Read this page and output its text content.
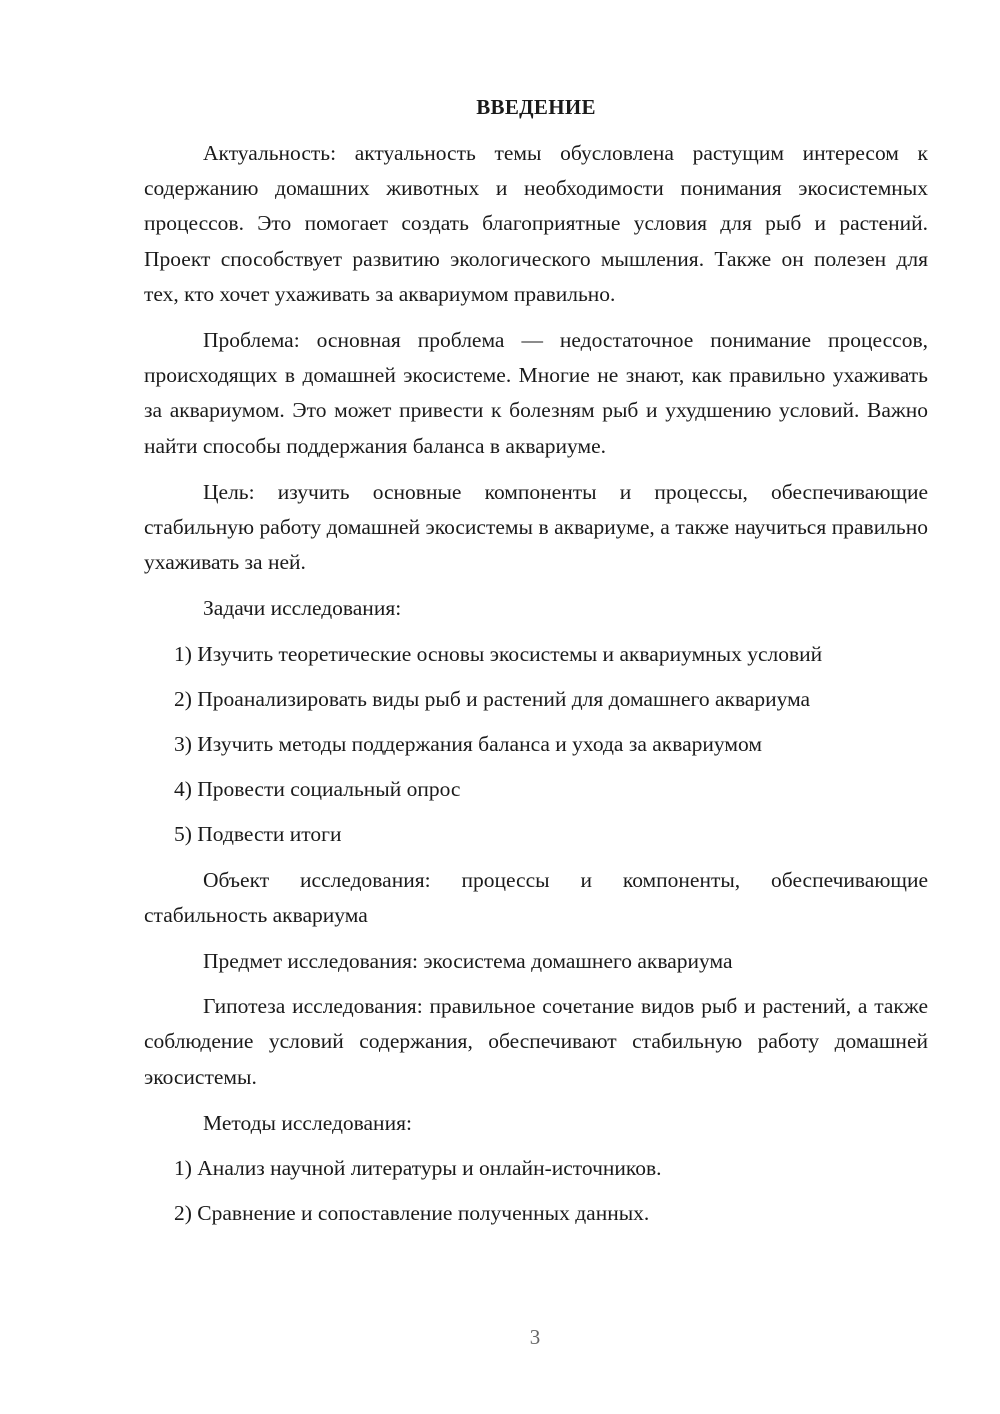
ВВЕДЕНИЕ

Актуальность: актуальность темы обусловлена растущим интересом к содержанию домашних животных и необходимости понимания экосистемных процессов. Это помогает создать благоприятные условия для рыб и растений. Проект способствует развитию экологического мышления. Также он полезен для тех, кто хочет ухаживать за аквариумом правильно.

Проблема: основная проблема — недостаточное понимание процессов, происходящих в домашней экосистеме. Многие не знают, как правильно ухаживать за аквариумом. Это может привести к болезням рыб и ухудшению условий. Важно найти способы поддержания баланса в аквариуме.

Цель: изучить основные компоненты и процессы, обеспечивающие стабильную работу домашней экосистемы в аквариуме, а также научиться правильно ухаживать за ней.

Задачи исследования:

1) Изучить теоретические основы экосистемы и аквариумных условий

2) Проанализировать виды рыб и растений для домашнего аквариума

3) Изучить методы поддержания баланса и ухода за аквариумом

4) Провести социальный опрос

5) Подвести итоги

Объект исследования: процессы и компоненты, обеспечивающие стабильность аквариума

Предмет исследования: экосистема домашнего аквариума

Гипотеза исследования: правильное сочетание видов рыб и растений, а также соблюдение условий содержания, обеспечивают стабильную работу домашней экосистемы.

Методы исследования:

1) Анализ научной литературы и онлайн-источников.

2) Сравнение и сопоставление полученных данных.

3
